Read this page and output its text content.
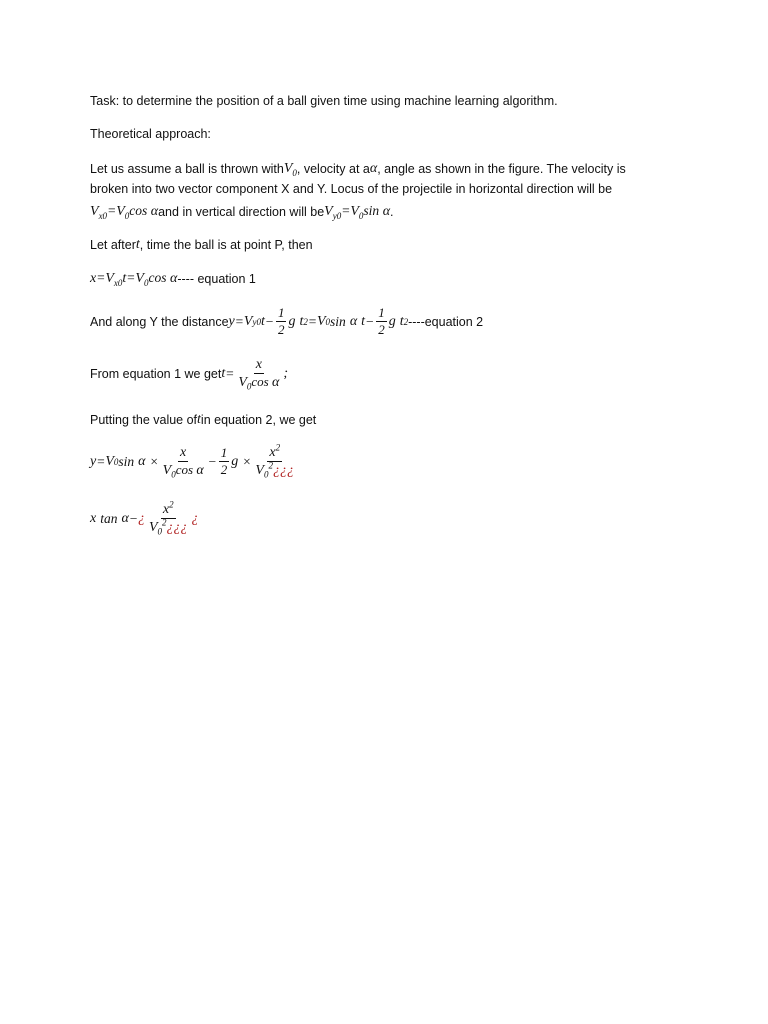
Task: to determine the position of a ball given time using machine learning algorithm.
Theoretical approach:
Let us assume a ball is thrown with $V_0$ , velocity at a α , angle as shown in the figure. The velocity is
broken into two vector component X and Y. Locus of the projectile in horizontal direction will be
$V_{x0}=V_0\cos$ α and in vertical direction will be $V_{y0}=V_0\sin$ α .
Let after t , time the ball is at point P, then
$x=V_{x0}t=V_0\cos$ α ---- equation 1
And along Y the distance y = V y0 $t - \frac{1}{2}$ g t 2 = V 0 sin α $t - \frac{1}{2}$ g t 2 ----equation 2
From equation 1 we get $t = \frac{x}{V_0\cos \alpha}$ ;
Putting the value of t in equation 2, we get
y = V 0 $\sin \alpha \times \frac{x}{V_0\cos \alpha} - \frac{1}{2}$ $g \times \frac{x^2}{V_0^2¿¿¿}$
x tan α − ¿ $\frac{x^2}{V_0^2¿¿¿}$ ¿
